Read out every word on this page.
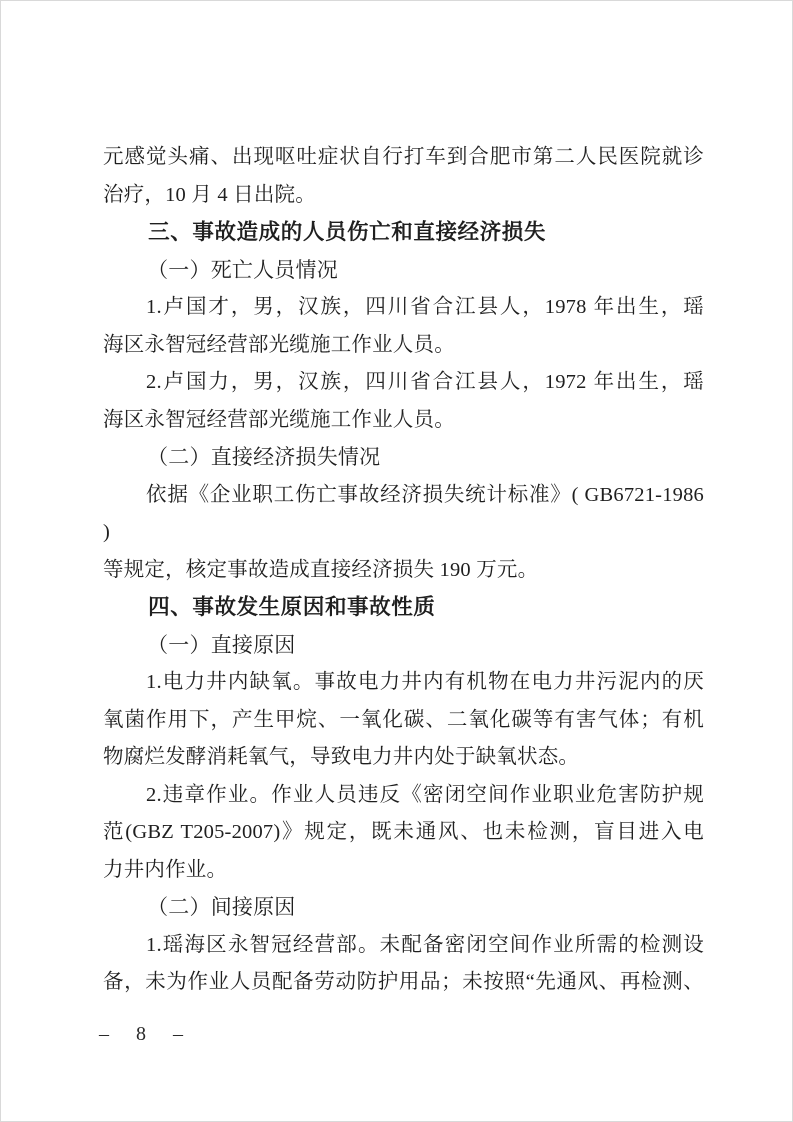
元感觉头痛、出现呕吐症状自行打车到合肥市第二人民医院就诊
治疗，10 月 4 日出院。
三、事故造成的人员伤亡和直接经济损失
（一）死亡人员情况
1.卢国才，男，汉族，四川省合江县人，1978 年出生，瑶
海区永智冠经营部光缆施工作业人员。
2.卢国力，男，汉族，四川省合江县人，1972 年出生，瑶
海区永智冠经营部光缆施工作业人员。
（二）直接经济损失情况
依据《企业职工伤亡事故经济损失统计标准》( GB6721-1986 )
等规定，核定事故造成直接经济损失 190 万元。
四、事故发生原因和事故性质
（一）直接原因
1.电力井内缺氧。事故电力井内有机物在电力井污泥内的厌
氧菌作用下，产生甲烷、一氧化碳、二氧化碳等有害气体；有机
物腐烂发酵消耗氧气，导致电力井内处于缺氧状态。
2.违章作业。作业人员违反《密闭空间作业职业危害防护规
范(GBZ T205-2007)》规定，既未通风、也未检测，盲目进入电
力井内作业。
（二）间接原因
1.瑶海区永智冠经营部。未配备密闭空间作业所需的检测设
备，未为作业人员配备劳动防护用品；未按照“先通风、再检测、
– 8 –
